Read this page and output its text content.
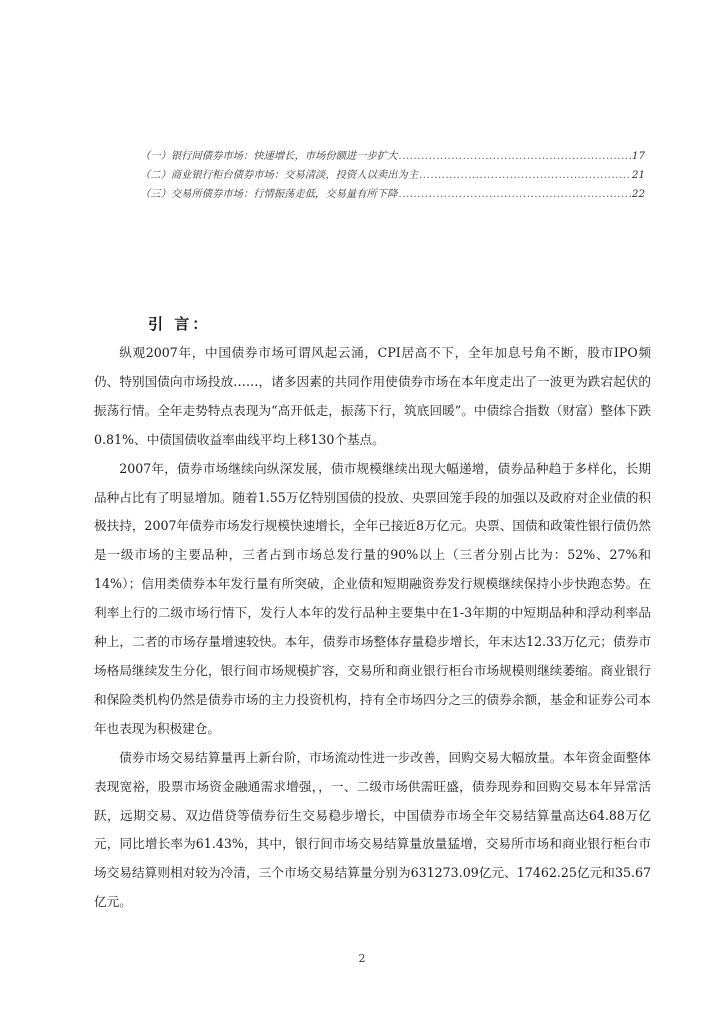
（一）银行间债券市场：快速增长，市场份额进一步扩大 .....	17
（二）商业银行柜台债券市场：交易清淡，投资人以卖出为主 .....	21
（三）交易所债券市场：行情振荡走低，交易量有所下降 .....	22
引 言：

纵观2007年，中国债券市场可谓风起云涌，CPI居高不下，全年加息号角不断，股市IPO频仍、特别国债向市场投放……，诸多因素的共同作用使债券市场在本年度走出了一波更为跌宕起伏的振荡行情。全年走势特点表现为“高开低走，振荡下行，筑底回暖”。中债综合指数（财富）整体下跌0.81%、中债国债收益率曲线平均上移130个基点。

2007年，债券市场继续向纵深发展，债市规模继续出现大幅递增，债券品种趋于多样化，长期品种占比有了明显增加。随着1.55万亿特别国债的投放、央票回笼手段的加强以及政府对企业债的积极扶持，2007年债券市场发行规模快速增长，全年已接近8万亿元。央票、国债和政策性银行债仍然是一级市场的主要品种，三者占到市场总发行量的90%以上（三者分别占比为：52%、27%和14%）；信用类债券本年发行量有所突破，企业债和短期融资券发行规模继续保持小步快跑态势。在利率上行的二级市场行情下，发行人本年的发行品种主要集中在1-3年期的中短期品种和浮动利率品种上，二者的市场存量增速较快。本年，债券市场整体存量稳步增长，年末达12.33万亿元；债券市场格局继续发生分化，银行间市场规模扩容，交易所和商业银行柜台市场规模则继续萎缩。商业银行和保险类机构仍然是债券市场的主力投资机构，持有全市场四分之三的债券余额，基金和证券公司本年也表现为积极建仓。

债券市场交易结算量再上新台阶，市场流动性进一步改善，回购交易大幅放量。本年资金面整体表现宽裕，股票市场资金融通需求增强，，一、二级市场供需旺盛，债券现券和回购交易本年异常活跃，远期交易、双边借贷等债券衍生交易稳步增长，中国债券市场全年交易结算量高达64.88万亿元，同比增长率为61.43%，其中，银行间市场交易结算量放量猛增，交易所市场和商业银行柜台市场交易结算则相对较为冷清，三个市场交易结算量分别为631273.09亿元、17462.25亿元和35.67亿元。

2
